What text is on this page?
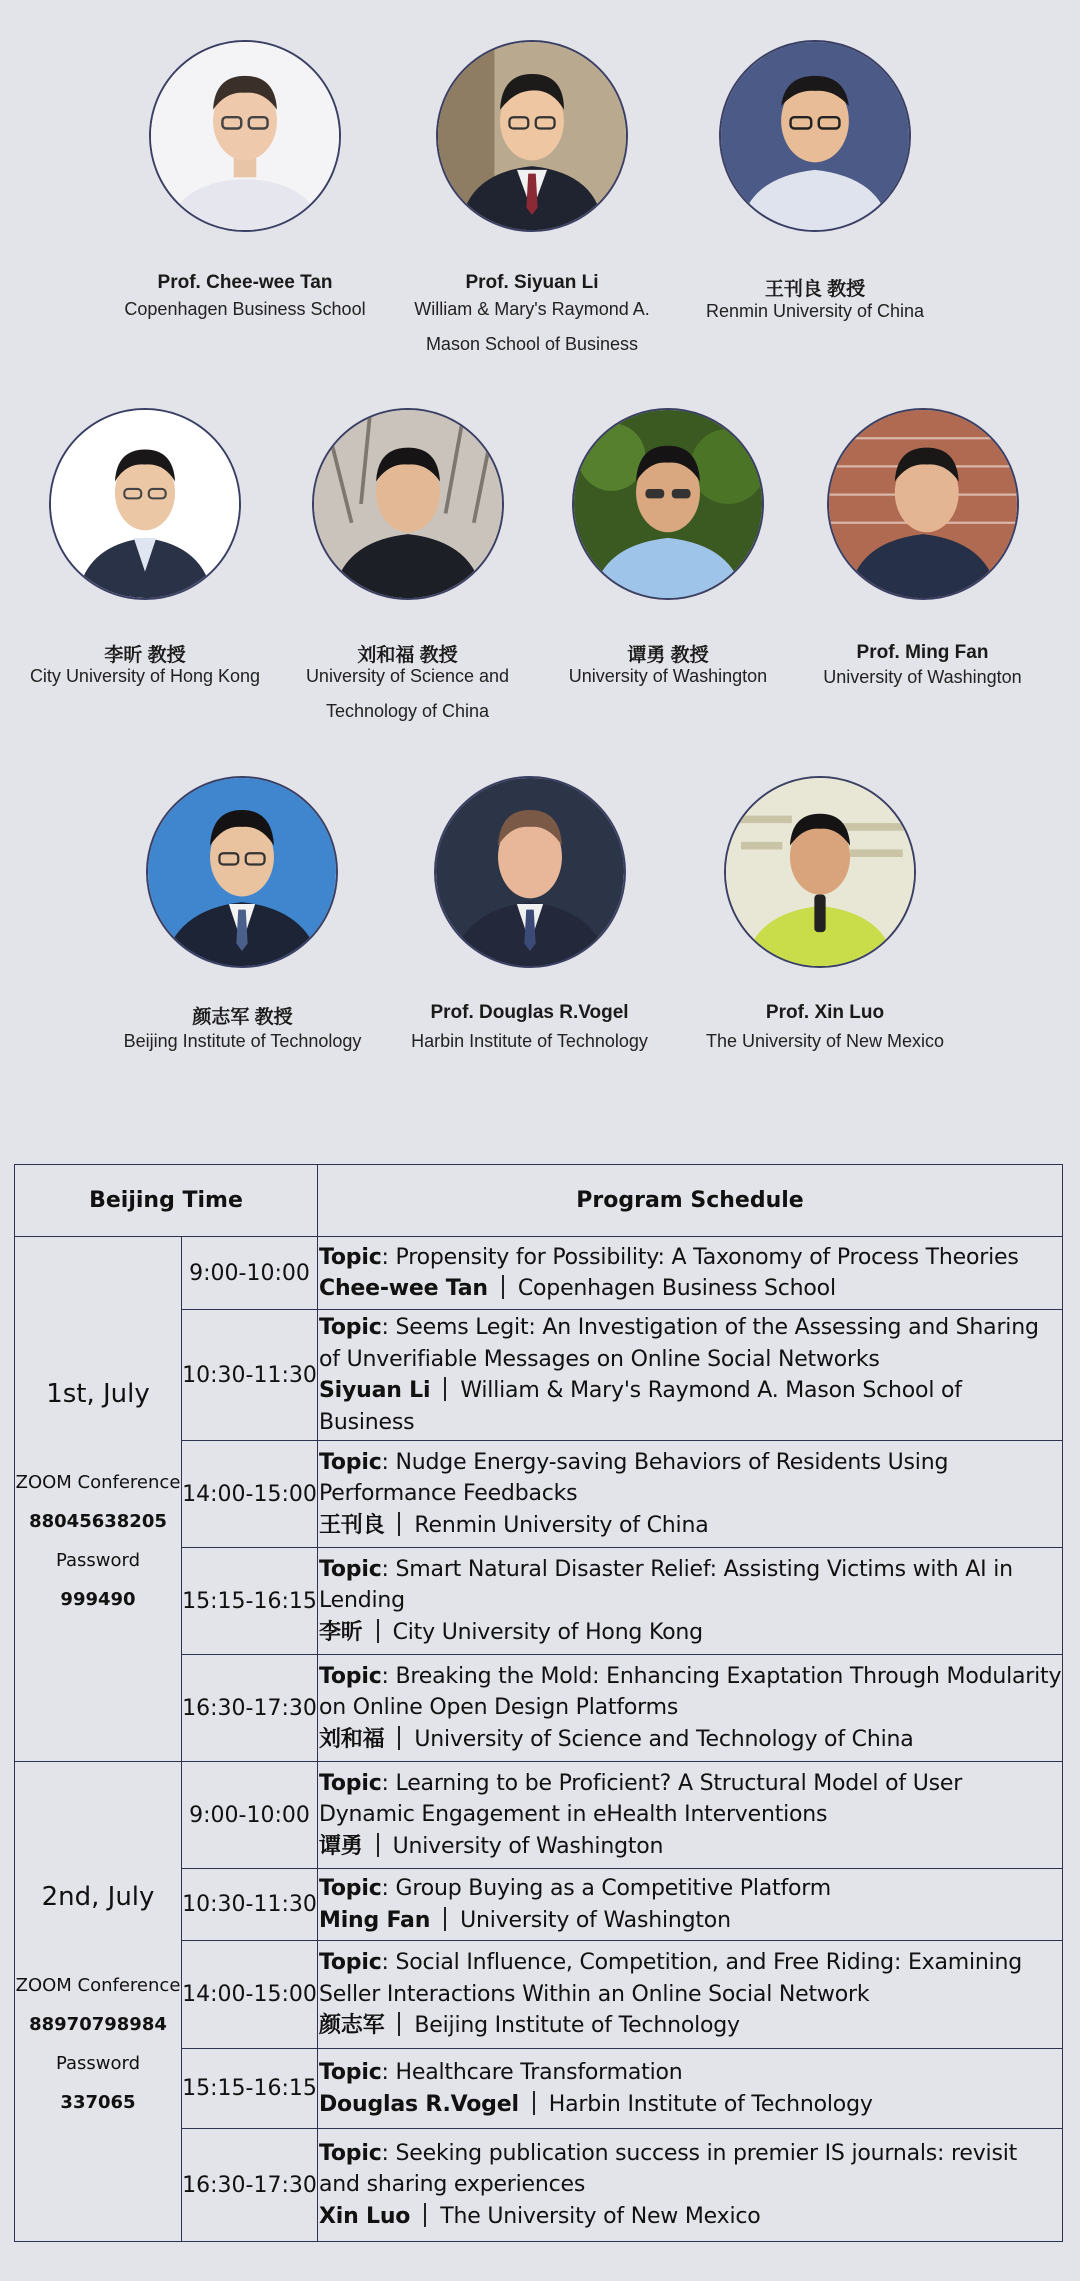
Prof. Chee-wee Tan
Copenhagen Business School
Prof. Siyuan Li
William & Mary's Raymond A.
Mason School of Business
王刊良 教授
Renmin University of China
李昕 教授
City University of Hong Kong
刘和福 教授
University of Science and
Technology of China
谭勇 教授
University of Washington
Prof. Ming Fan
University of Washington
颜志军 教授
Beijing Institute of Technology
Prof. Douglas R.Vogel
Harbin Institute of Technology
Prof. Xin Luo
The University of New Mexico
Beijing Time		Program Schedule

1st, July
ZOOM Conference
88045638205
Password
999490	9:00-10:00	Topic: Propensity for Possibility: A Taxonomy of Process Theories
Chee-wee Tan Copenhagen Business School
	10:30-11:30	Topic: Seems Legit: An Investigation of the Assessing and Sharing of Unverifiable Messages on Online Social Networks
Siyuan Li William & Mary's Raymond A. Mason School of Business
	14:00-15:00	Topic: Nudge Energy-saving Behaviors of Residents Using Performance Feedbacks
王刊良 Renmin University of China
	15:15-16:15	Topic: Smart Natural Disaster Relief: Assisting Victims with AI in Lending
李昕 City University of Hong Kong
	16:30-17:30	Topic: Breaking the Mold: Enhancing Exaptation Through Modularity on Online Open Design Platforms
刘和福 University of Science and Technology of China

2nd, July
ZOOM Conference
88970798984
Password
337065	9:00-10:00	Topic: Learning to be Proficient? A Structural Model of User Dynamic Engagement in eHealth Interventions
谭勇 University of Washington
	10:30-11:30	Topic: Group Buying as a Competitive Platform
Ming Fan University of Washington
	14:00-15:00	Topic: Social Influence, Competition, and Free Riding: Examining Seller Interactions Within an Online Social Network
颜志军 Beijing Institute of Technology
	15:15-16:15	Topic: Healthcare Transformation
Douglas R.Vogel Harbin Institute of Technology
	16:30-17:30	Topic: Seeking publication success in premier IS journals: revisit and sharing experiences
Xin Luo The University of New Mexico
